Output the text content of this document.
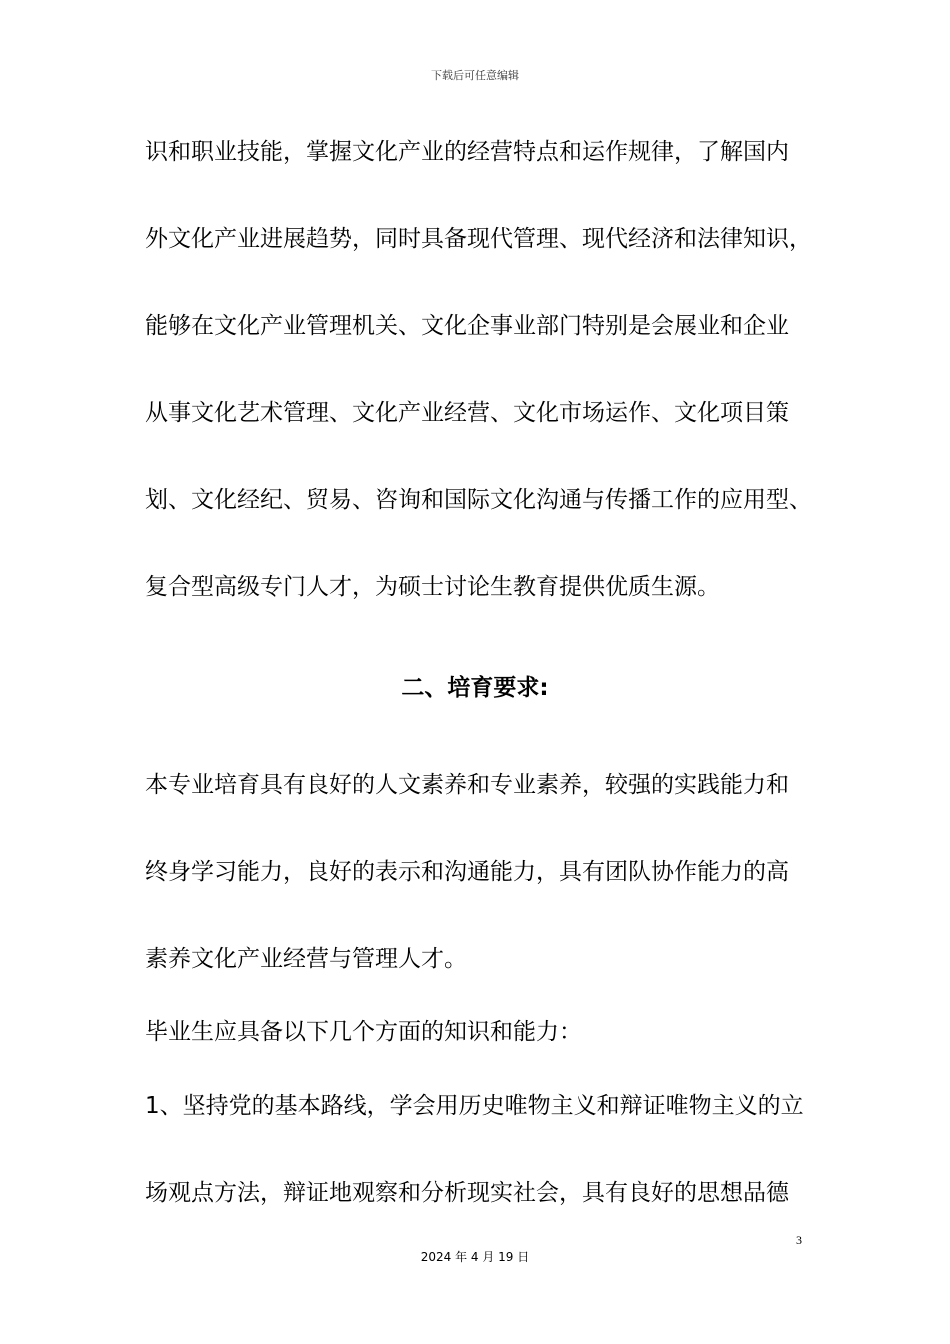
下载后可任意编辑
识和职业技能，掌握文化产业的经营特点和运作规律，了解国内
外文化产业进展趋势，同时具备现代管理、现代经济和法律知识，
能够在文化产业管理机关、文化企事业部门特别是会展业和企业
从事文化艺术管理、文化产业经营、文化市场运作、文化项目策
划、文化经纪、贸易、咨询和国际文化沟通与传播工作的应用型、
复合型高级专门人才，为硕士讨论生教育提供优质生源。
二、培育要求:
本专业培育具有良好的人文素养和专业素养，较强的实践能力和
终身学习能力，良好的表示和沟通能力，具有团队协作能力的高
素养文化产业经营与管理人才。
毕业生应具备以下几个方面的知识和能力：
1、坚持党的基本路线，学会用历史唯物主义和辩证唯物主义的立
场观点方法，辩证地观察和分析现实社会，具有良好的思想品德
3
2024 年 4 月 19 日
